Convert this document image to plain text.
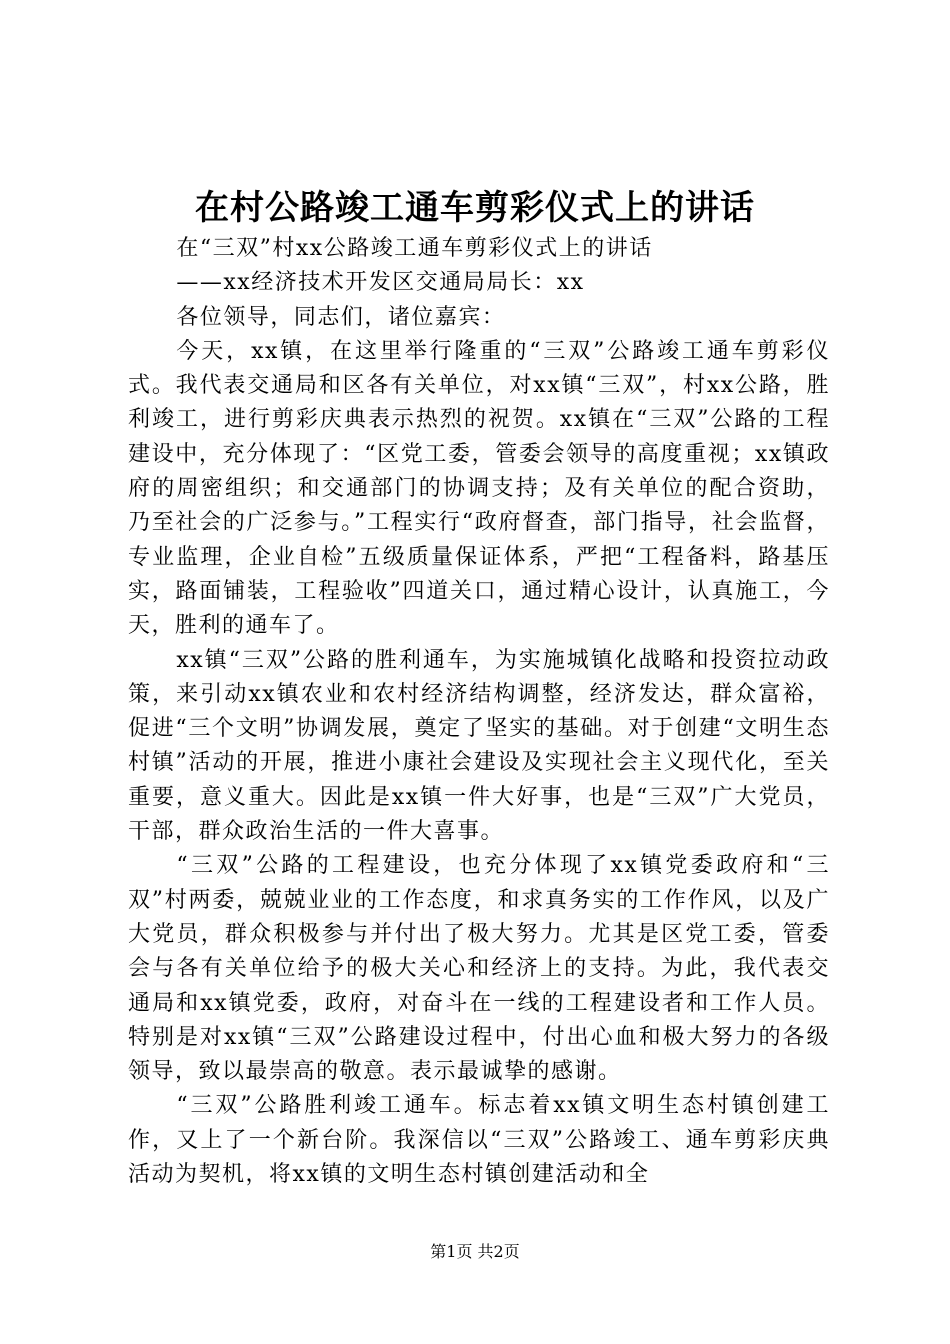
在村公路竣工通车剪彩仪式上的讲话

在“三双”村xx公路竣工通车剪彩仪式上的讲话

——xx经济技术开发区交通局局长：xx

各位领导，同志们，诸位嘉宾：

今天，xx镇，在这里举行隆重的“三双”公路竣工通车剪彩仪式。我代表交通局和区各有关单位，对xx镇“三双”，村xx公路，胜利竣工，进行剪彩庆典表示热烈的祝贺。xx镇在“三双”公路的工程建设中，充分体现了：“区党工委，管委会领导的高度重视；xx镇政府的周密组织；和交通部门的协调支持；及有关单位的配合资助，乃至社会的广泛参与。”工程实行“政府督查，部门指导，社会监督，专业监理，企业自检”五级质量保证体系，严把“工程备料，路基压实，路面铺装，工程验收”四道关口，通过精心设计，认真施工，今天，胜利的通车了。

xx镇“三双”公路的胜利通车，为实施城镇化战略和投资拉动政策，来引动xx镇农业和农村经济结构调整，经济发达，群众富裕，促进“三个文明”协调发展，奠定了坚实的基础。对于创建“文明生态村镇”活动的开展，推进小康社会建设及实现社会主义现代化，至关重要，意义重大。因此是xx镇一件大好事，也是“三双”广大党员，干部，群众政治生活的一件大喜事。

“三双”公路的工程建设，也充分体现了xx镇党委政府和“三双”村两委，兢兢业业的工作态度，和求真务实的工作作风，以及广大党员，群众积极参与并付出了极大努力。尤其是区党工委，管委会与各有关单位给予的极大关心和经济上的支持。为此，我代表交通局和xx镇党委，政府，对奋斗在一线的工程建设者和工作人员。特别是对xx镇“三双”公路建设过程中，付出心血和极大努力的各级领导，致以最崇高的敬意。表示最诚挚的感谢。

“三双”公路胜利竣工通车。标志着xx镇文明生态村镇创建工作，又上了一个新台阶。我深信以“三双”公路竣工、通车剪彩庆典活动为契机，将xx镇的文明生态村镇创建活动和全

第1页 共2页
